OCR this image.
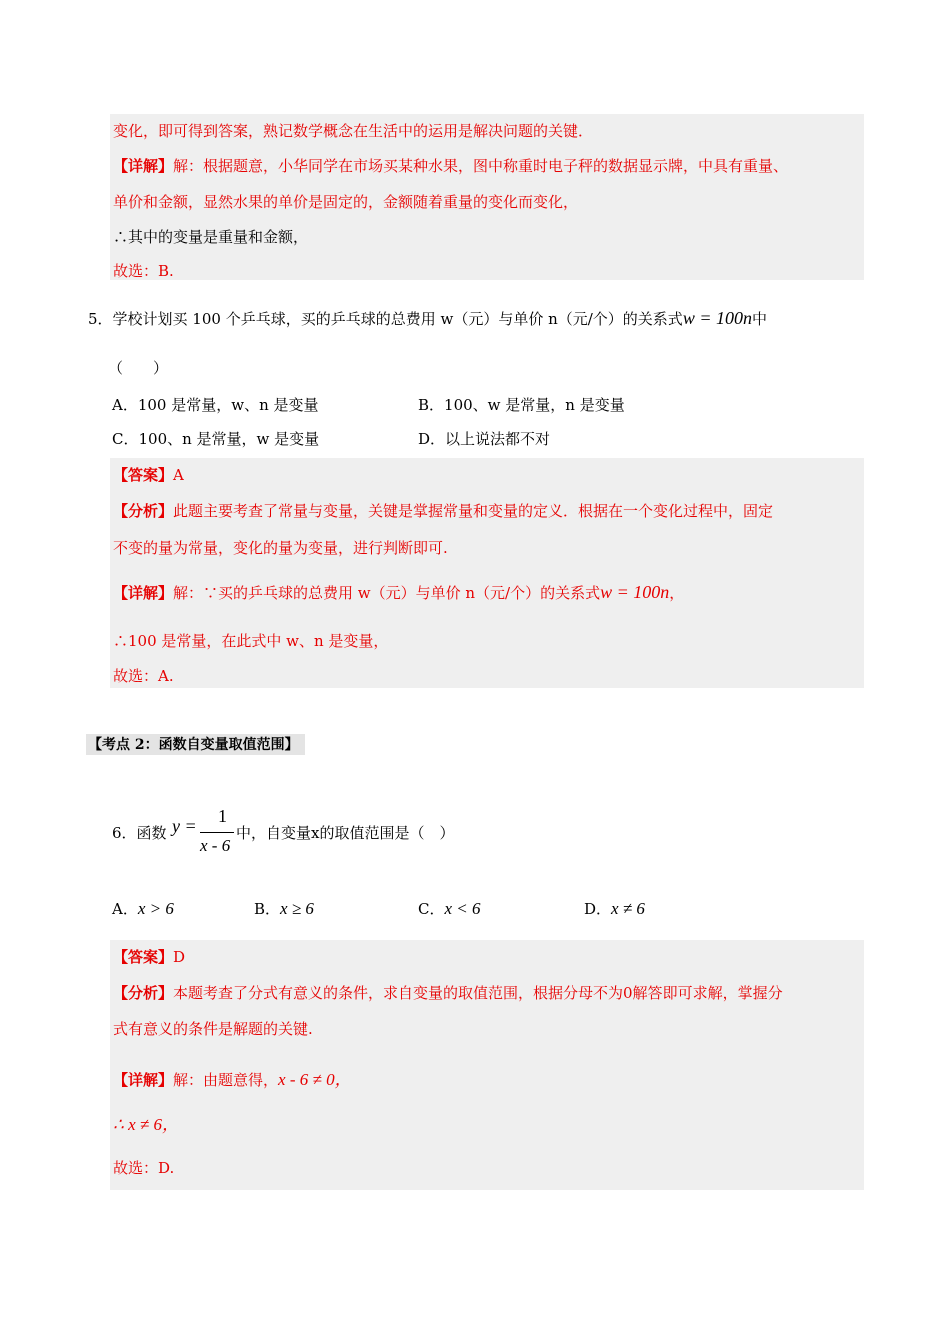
变化，即可得到答案，熟记数学概念在生活中的运用是解决问题的关键．
【详解】解：根据题意，小华同学在市场买某种水果，图中称重时电子秤的数据显示牌，中具有重量、
单价和金额，显然水果的单价是固定的，金额随着重量的变化而变化，
∴其中的变量是重量和金额，
故选：B.
5．学校计划买 100 个乒乓球，买的乒乓球的总费用 w（元）与单价 n（元/个）的关系式w = 100n中
（　　）
A．100 是常量，w、n 是变量	B．100、w 是常量，n 是变量
C．100、n 是常量，w 是变量	D．以上说法都不对
【答案】A
【分析】此题主要考查了常量与变量，关键是掌握常量和变量的定义．根据在一个变化过程中，固定
不变的量为常量，变化的量为变量，进行判断即可.
【详解】解：∵买的乒乓球的总费用 w（元）与单价 n（元/个）的关系式w = 100n，
∴100 是常量，在此式中 w、n 是变量，
故选：A.
【考点 2：函数自变量取值范围】
6．函数 y = 1
x - 6
中，自变量x的取值范围是（　）
A．x > 6	B．x ≥ 6	C．x < 6	D．x ≠ 6
【答案】D
【分析】本题考查了分式有意义的条件，求自变量的取值范围，根据分母不为0解答即可求解，掌握分
式有意义的条件是解题的关键.
【详解】解：由题意得，x - 6 ≠ 0，
∴ x ≠ 6，
故选：D.
